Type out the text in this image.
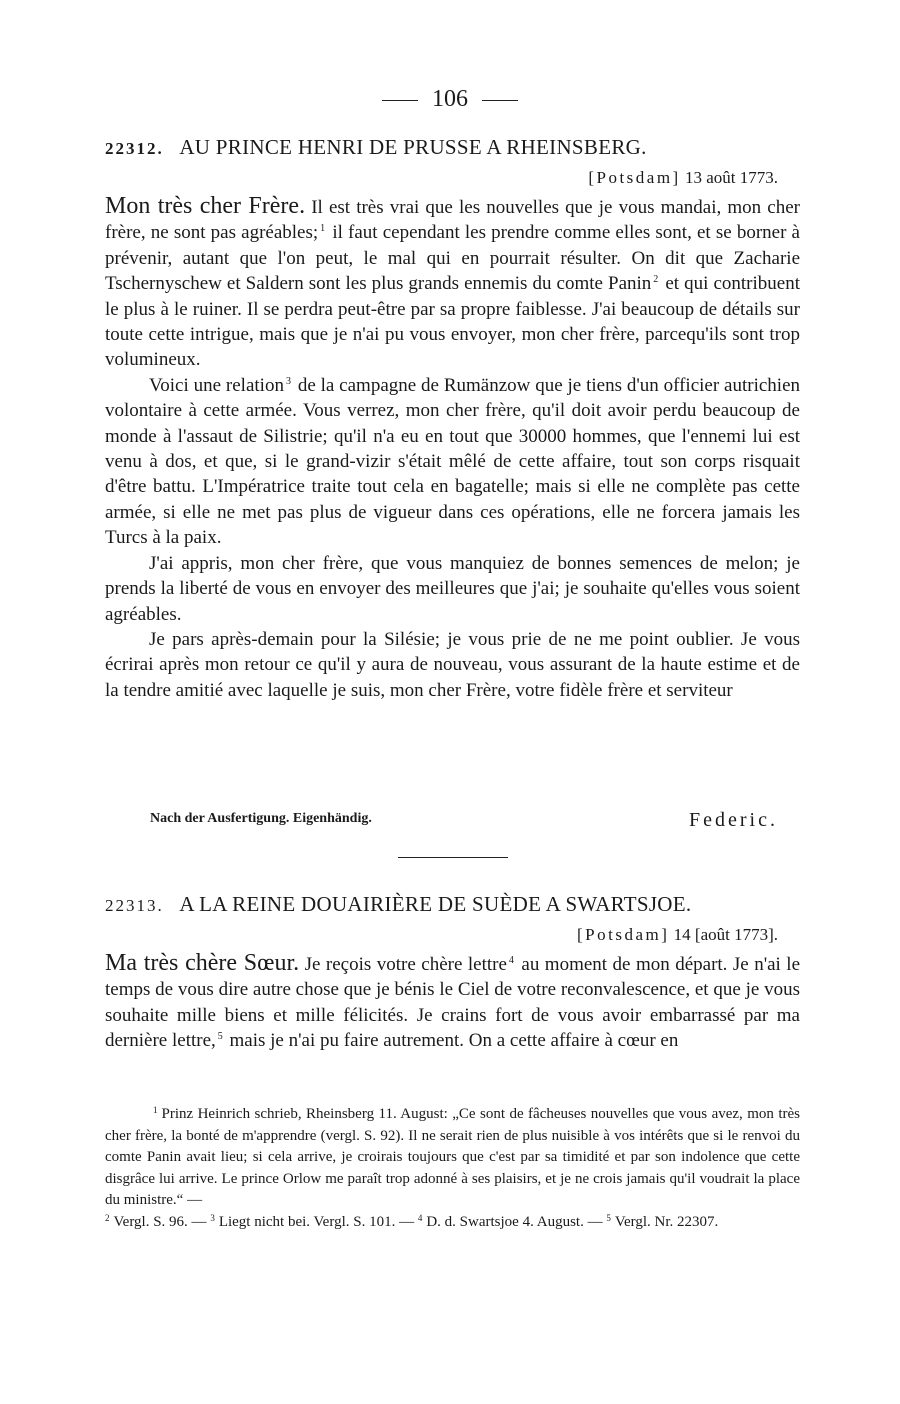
106
22312. AU PRINCE HENRI DE PRUSSE A RHEINSBERG.
[Potsdam] 13 août 1773.

Mon très cher Frère. Il est très vrai que les nouvelles que je vous mandai, mon cher frère, ne sont pas agréables; $^1$ il faut cependant les prendre comme elles sont, et se borner à prévenir, autant que l'on peut, le mal qui en pourrait résulter. On dit que Zacharie Tschernyschew et Saldern sont les plus grands ennemis du comte Panin $^2$ et qui contribuent le plus à le ruiner. Il se perdra peut-être par sa propre faiblesse. J'ai beaucoup de détails sur toute cette intrigue, mais que je n'ai pu vous envoyer, mon cher frère, parcequ'ils sont trop volumineux.

Voici une relation $^3$ de la campagne de Rumänzow que je tiens d'un officier autrichien volontaire à cette armée. Vous verrez, mon cher frère, qu'il doit avoir perdu beaucoup de monde à l'assaut de Silistrie; qu'il n'a eu en tout que 30000 hommes, que l'ennemi lui est venu à dos, et que, si le grand-vizir s'était mêlé de cette affaire, tout son corps risquait d'être battu. L'Impératrice traite tout cela en bagatelle; mais si elle ne complète pas cette armée, si elle ne met pas plus de vigueur dans ces opérations, elle ne forcera jamais les Turcs à la paix.

J'ai appris, mon cher frère, que vous manquiez de bonnes semences de melon; je prends la liberté de vous en envoyer des meilleures que j'ai; je souhaite qu'elles vous soient agréables.

Je pars après-demain pour la Silésie; je vous prie de ne me point oublier. Je vous écrirai après mon retour ce qu'il y aura de nouveau, vous assurant de la haute estime et de la tendre amitié avec laquelle je suis, mon cher Frère, votre fidèle frère et serviteur

Nach der Ausfertigung. Eigenhändig.	Federic.
22313. A LA REINE DOUAIRIÈRE DE SUÈDE A SWARTSJOE.
[Potsdam] 14 [août 1773].

Ma très chère Sœur. Je reçois votre chère lettre $^4$ au moment de mon départ. Je n'ai le temps de vous dire autre chose que je bénis le Ciel de votre reconvalescence, et que je vous souhaite mille biens et mille félicités. Je crains fort de vous avoir embarrassé par ma dernière lettre, $^5$ mais je n'ai pu faire autrement. On a cette affaire à cœur en

$^1$ Prinz Heinrich schrieb, Rheinsberg 11. August: „Ce sont de fâcheuses nouvelles que vous avez, mon très cher frère, la bonté de m'apprendre (vergl. S. 92). Il ne serait rien de plus nuisible à vos intérêts que si le renvoi du comte Panin avait lieu; si cela arrive, je croirais toujours que c'est par sa timidité et par son indolence que cette disgrâce lui arrive. Le prince Orlow me paraît trop adonné à ses plaisirs, et je ne crois jamais qu'il voudrait la place du ministre.“ —

$^2$ Vergl. S. 96. — $^3$ Liegt nicht bei. Vergl. S. 101. — $^4$ D. d. Swartsjoe 4. August. — $^5$ Vergl. Nr. 22307.
